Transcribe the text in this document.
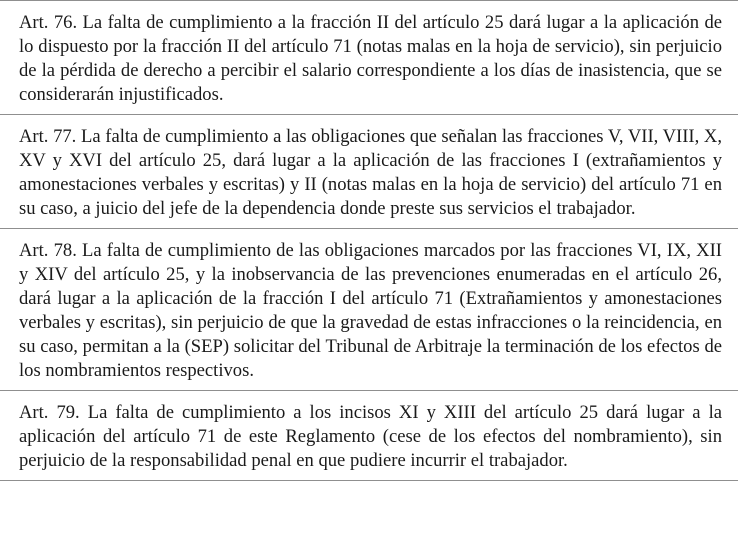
Art. 76. La falta de cumplimiento a la fracción II del artículo 25 dará lugar a la aplicación de lo dispuesto por la fracción II del artículo 71 (notas malas en la hoja de servicio), sin perjuicio de la pérdida de derecho a percibir el salario correspondiente a los días de inasistencia, que se considerarán injustificados.

Art. 77. La falta de cumplimiento a las obligaciones que señalan las fracciones V, VII, VIII, X, XV y XVI del artículo 25, dará lugar a la aplicación de las fracciones I (extrañamientos y amonestaciones verbales y escritas) y II (notas malas en la hoja de servicio) del artículo 71 en su caso, a juicio del jefe de la dependencia donde preste sus servicios el trabajador.

Art. 78. La falta de cumplimiento de las obligaciones marcados por las fracciones VI, IX, XII y XIV del artículo 25, y la inobservancia de las prevenciones enumeradas en el artículo 26, dará lugar a la aplicación de la fracción I del artículo 71 (Extrañamientos y amonestaciones verbales y escritas), sin perjuicio de que la gravedad de estas infracciones o la reincidencia, en su caso, permitan a la (SEP) solicitar del Tribunal de Arbitraje la terminación de los efectos de los nombramientos respectivos.

Art. 79. La falta de cumplimiento a los incisos XI y XIII del artículo 25 dará lugar a la aplicación del artículo 71 de este Reglamento (cese de los efectos del nombramiento), sin perjuicio de la responsabilidad penal en que pudiere incurrir el trabajador.
